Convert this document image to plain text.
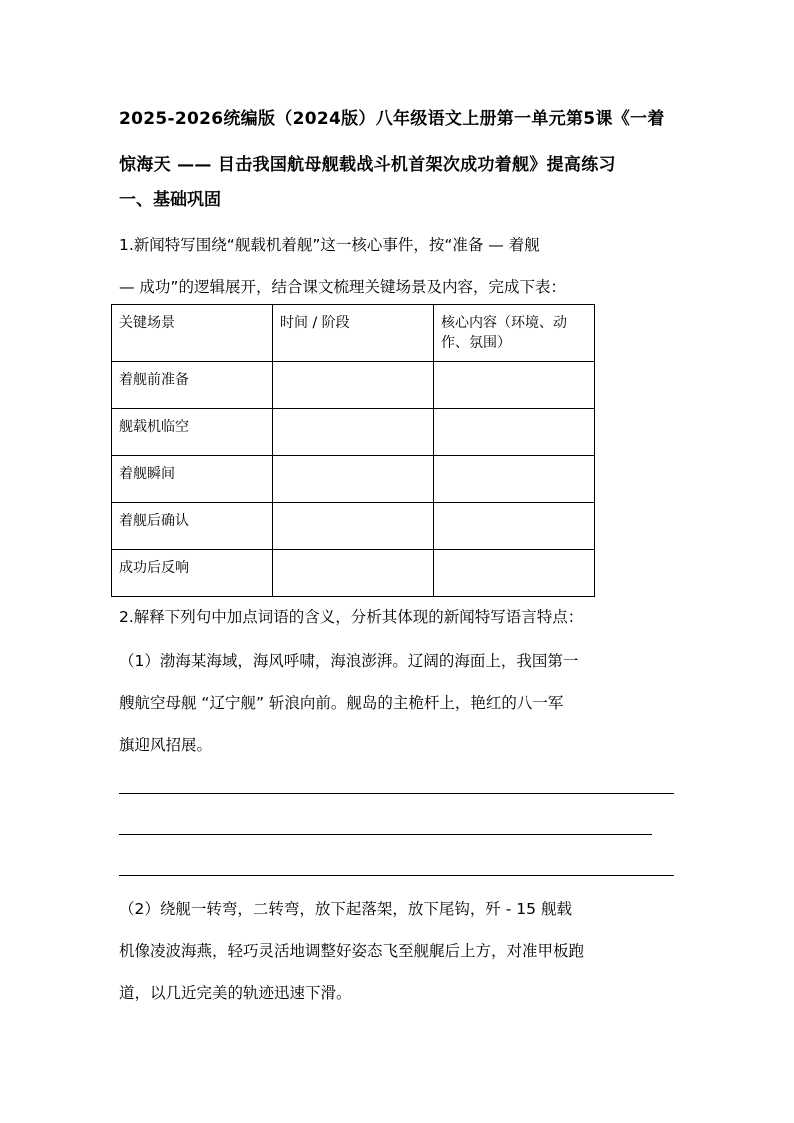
2025-2026统编版（2024版）八年级语文上册第一单元第5课《一着
惊海天 —— 目击我国航母舰载战斗机首架次成功着舰》提高练习
一、基础巩固
1.新闻特写围绕“舰载机着舰”这一核心事件，按“准备 — 着舰
— 成功”的逻辑展开，结合课文梳理关键场景及内容，完成下表：
关键场景	时间 / 阶段	核心内容（环境、动
作、氛围）
着舰前准备		
舰载机临空		
着舰瞬间		
着舰后确认		
成功后反响		
2.解释下列句中加点词语的含义，分析其体现的新闻特写语言特点：
（1）渤海某海域，海风呼啸，海浪澎湃。辽阔的海面上，我国第一
艘航空母舰 “辽宁舰” 斩浪向前。舰岛的主桅杆上，艳红的八一军
旗迎风招展。
（2）绕舰一转弯，二转弯，放下起落架，放下尾钩，歼 - 15 舰载
机像凌波海燕，轻巧灵活地调整好姿态飞至舰艉后上方，对准甲板跑
道，以几近完美的轨迹迅速下滑。
